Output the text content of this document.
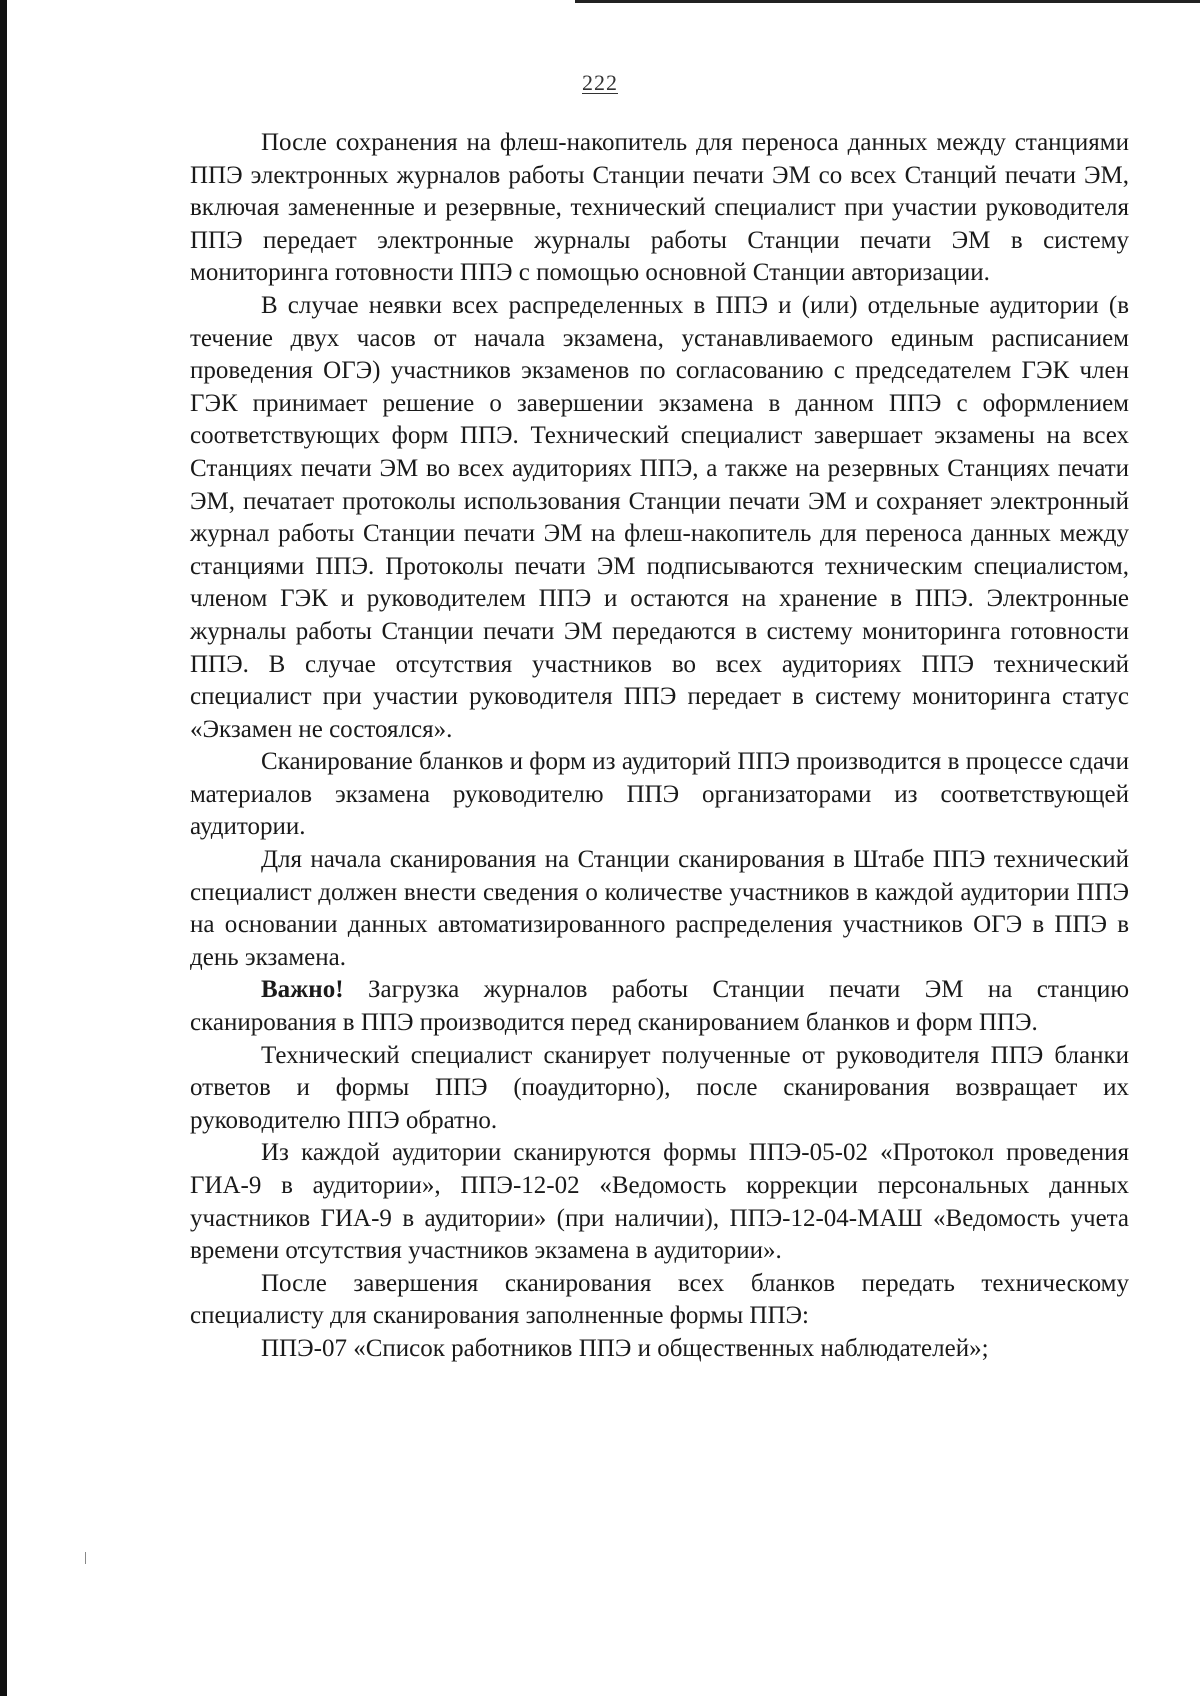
222

После сохранения на флеш-накопитель для переноса данных между станциями ППЭ электронных журналов работы Станции печати ЭМ со всех Станций печати ЭМ, включая замененные и резервные, технический специалист при участии руководителя ППЭ передает электронные журналы работы Станции печати ЭМ в систему мониторинга готовности ППЭ с помощью основной Станции авторизации.

В случае неявки всех распределенных в ППЭ и (или) отдельные аудитории (в течение двух часов от начала экзамена, устанавливаемого единым расписанием проведения ОГЭ) участников экзаменов по согласованию с председателем ГЭК член ГЭК принимает решение о завершении экзамена в данном ППЭ с оформлением соответствующих форм ППЭ. Технический специалист завершает экзамены на всех Станциях печати ЭМ во всех аудиториях ППЭ, а также на резервных Станциях печати ЭМ, печатает протоколы использования Станции печати ЭМ и сохраняет электронный журнал работы Станции печати ЭМ на флеш-накопитель для переноса данных между станциями ППЭ. Протоколы печати ЭМ подписываются техническим специалистом, членом ГЭК и руководителем ППЭ и остаются на хранение в ППЭ. Электронные журналы работы Станции печати ЭМ передаются в систему мониторинга готовности ППЭ. В случае отсутствия участников во всех аудиториях ППЭ технический специалист при участии руководителя ППЭ передает в систему мониторинга статус «Экзамен не состоялся».

Сканирование бланков и форм из аудиторий ППЭ производится в процессе сдачи материалов экзамена руководителю ППЭ организаторами из соответствующей аудитории.

Для начала сканирования на Станции сканирования в Штабе ППЭ технический специалист должен внести сведения о количестве участников в каждой аудитории ППЭ на основании данных автоматизированного распределения участников ОГЭ в ППЭ в день экзамена.

Важно! Загрузка журналов работы Станции печати ЭМ на станцию сканирования в ППЭ производится перед сканированием бланков и форм ППЭ.

Технический специалист сканирует полученные от руководителя ППЭ бланки ответов и формы ППЭ (поаудиторно), после сканирования возвращает их руководителю ППЭ обратно.

Из каждой аудитории сканируются формы ППЭ-05-02 «Протокол проведения ГИА-9 в аудитории», ППЭ-12-02 «Ведомость коррекции персональных данных участников ГИА-9 в аудитории» (при наличии), ППЭ-12-04-МАШ «Ведомость учета времени отсутствия участников экзамена в аудитории».

После завершения сканирования всех бланков передать техническому специалисту для сканирования заполненные формы ППЭ:

ППЭ-07 «Список работников ППЭ и общественных наблюдателей»;
